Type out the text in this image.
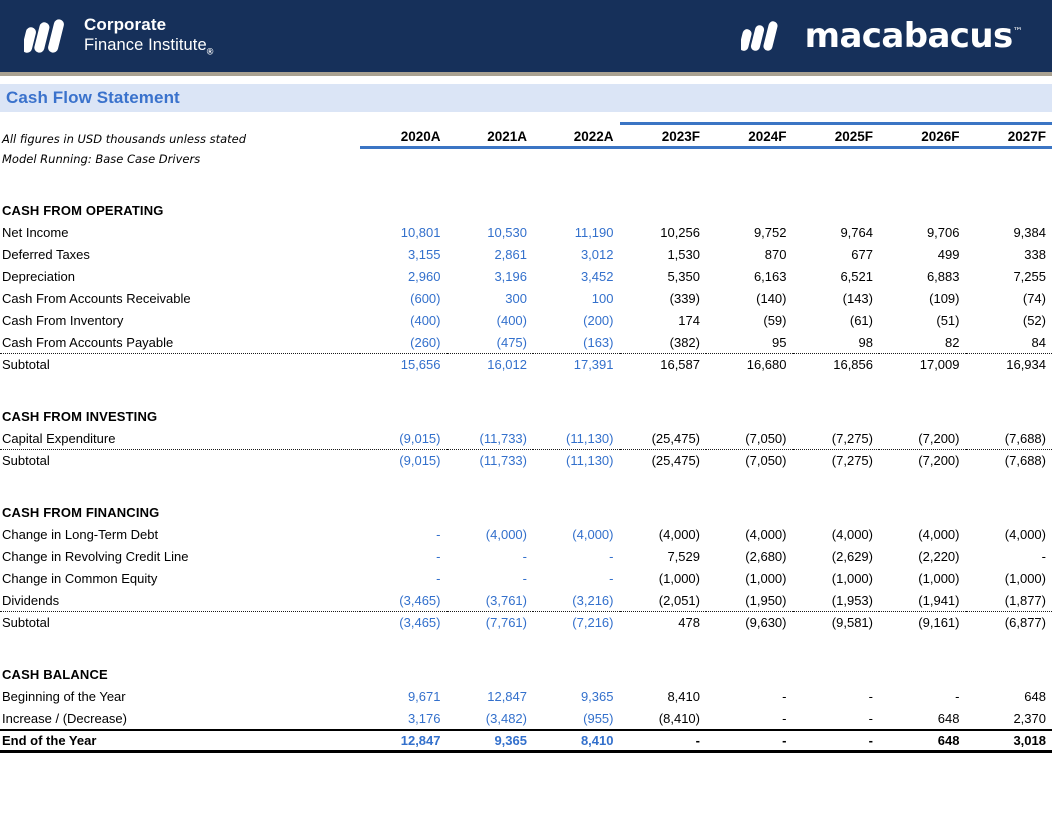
Corporate
Finance Institute$_®$	macabacus™
Cash Flow Statement
All figures in USD thousands unless stated	2020A	2021A	2022A	2023F	2024F	2025F	2026F	2027F
Model Running: Base Case Drivers								

CASH FROM OPERATING								
Net Income	10,801	10,530	11,190	10,256	9,752	9,764	9,706	9,384
Deferred Taxes	3,155	2,861	3,012	1,530	870	677	499	338
Depreciation	2,960	3,196	3,452	5,350	6,163	6,521	6,883	7,255
Cash From Accounts Receivable	(600)	300	100	(339)	(140)	(143)	(109)	(74)
Cash From Inventory	(400)	(400)	(200)	174	(59)	(61)	(51)	(52)
Cash From Accounts Payable	(260)	(475)	(163)	(382)	95	98	82	84
Subtotal	15,656	16,012	17,391	16,587	16,680	16,856	17,009	16,934

CASH FROM INVESTING								
Capital Expenditure	(9,015)	(11,733)	(11,130)	(25,475)	(7,050)	(7,275)	(7,200)	(7,688)
Subtotal	(9,015)	(11,733)	(11,130)	(25,475)	(7,050)	(7,275)	(7,200)	(7,688)

CASH FROM FINANCING								
Change in Long-Term Debt	-	(4,000)	(4,000)	(4,000)	(4,000)	(4,000)	(4,000)	(4,000)
Change in Revolving Credit Line	-	-	-	7,529	(2,680)	(2,629)	(2,220)	-
Change in Common Equity	-	-	-	(1,000)	(1,000)	(1,000)	(1,000)	(1,000)
Dividends	(3,465)	(3,761)	(3,216)	(2,051)	(1,950)	(1,953)	(1,941)	(1,877)
Subtotal	(3,465)	(7,761)	(7,216)	478	(9,630)	(9,581)	(9,161)	(6,877)

CASH BALANCE								
Beginning of the Year	9,671	12,847	9,365	8,410	-	-	-	648
Increase / (Decrease)	3,176	(3,482)	(955)	(8,410)	-	-	648	2,370
End of the Year	12,847	9,365	8,410	-	-	-	648	3,018
